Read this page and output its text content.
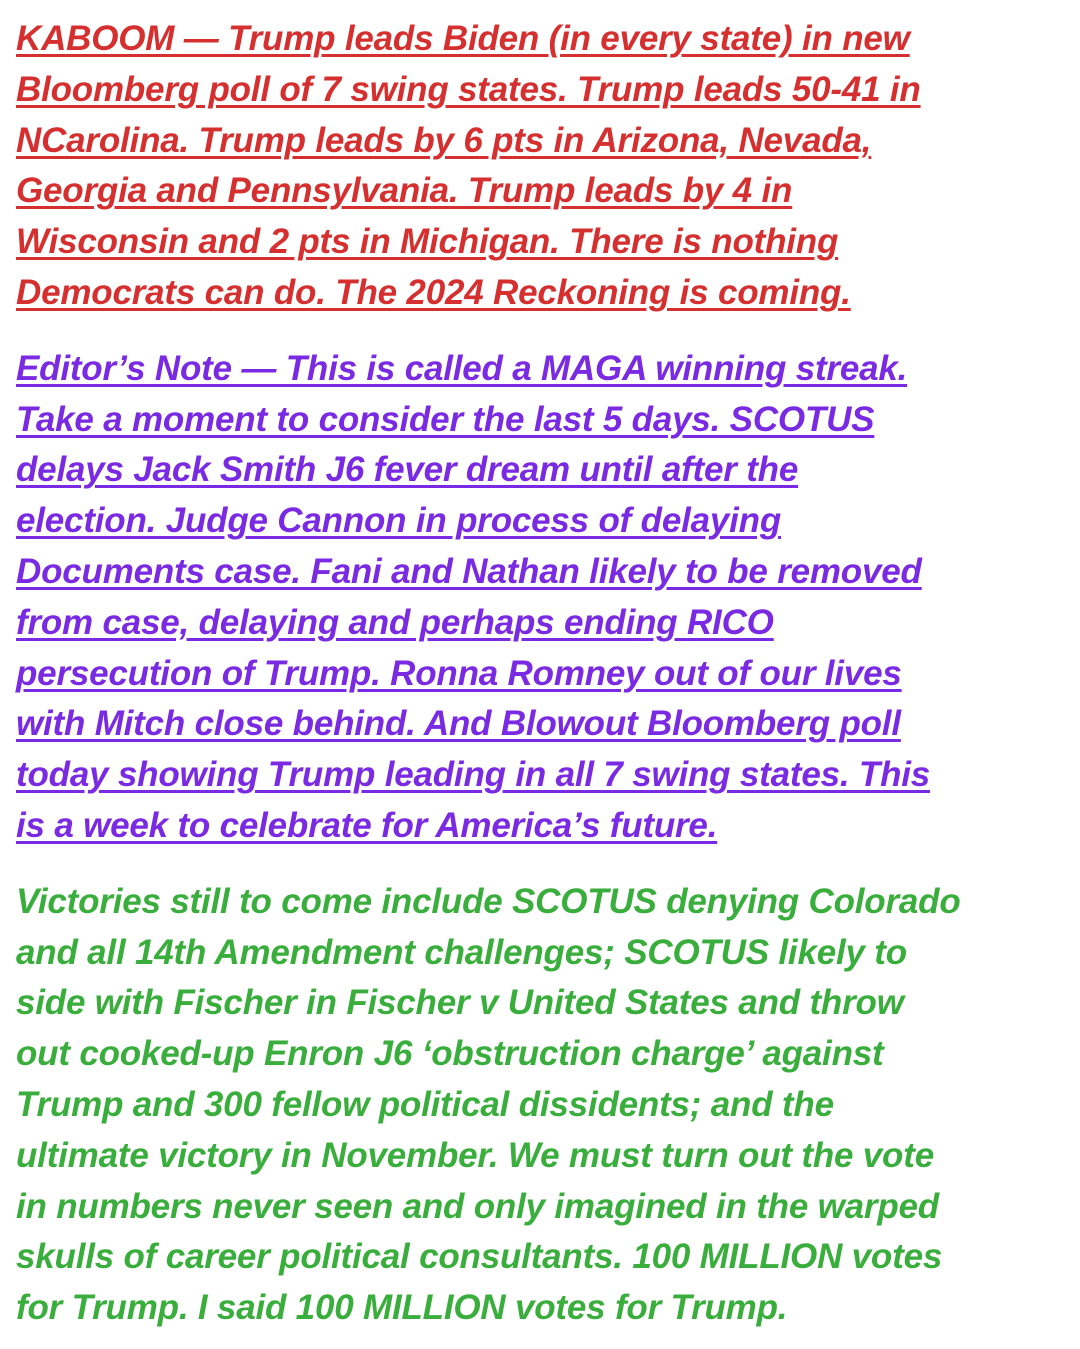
KABOOM — Trump leads Biden (in every state) in new
Bloomberg poll of 7 swing states. Trump leads 50-41 in
NCarolina. Trump leads by 6 pts in Arizona, Nevada,
Georgia and Pennsylvania. Trump leads by 4 in
Wisconsin and 2 pts in Michigan. There is nothing
Democrats can do. The 2024 Reckoning is coming.

Editor’s Note — This is called a MAGA winning streak.
Take a moment to consider the last 5 days. SCOTUS
delays Jack Smith J6 fever dream until after the
election. Judge Cannon in process of delaying
Documents case. Fani and Nathan likely to be removed
from case, delaying and perhaps ending RICO
persecution of Trump. Ronna Romney out of our lives
with Mitch close behind. And Blowout Bloomberg poll
today showing Trump leading in all 7 swing states. This
is a week to celebrate for America’s future.

Victories still to come include SCOTUS denying Colorado
and all 14th Amendment challenges; SCOTUS likely to
side with Fischer in Fischer v United States and throw
out cooked-up Enron J6 ‘obstruction charge’ against
Trump and 300 fellow political dissidents; and the
ultimate victory in November. We must turn out the vote
in numbers never seen and only imagined in the warped
skulls of career political consultants. 100 MILLION votes
for Trump. I said 100 MILLION votes for Trump.
